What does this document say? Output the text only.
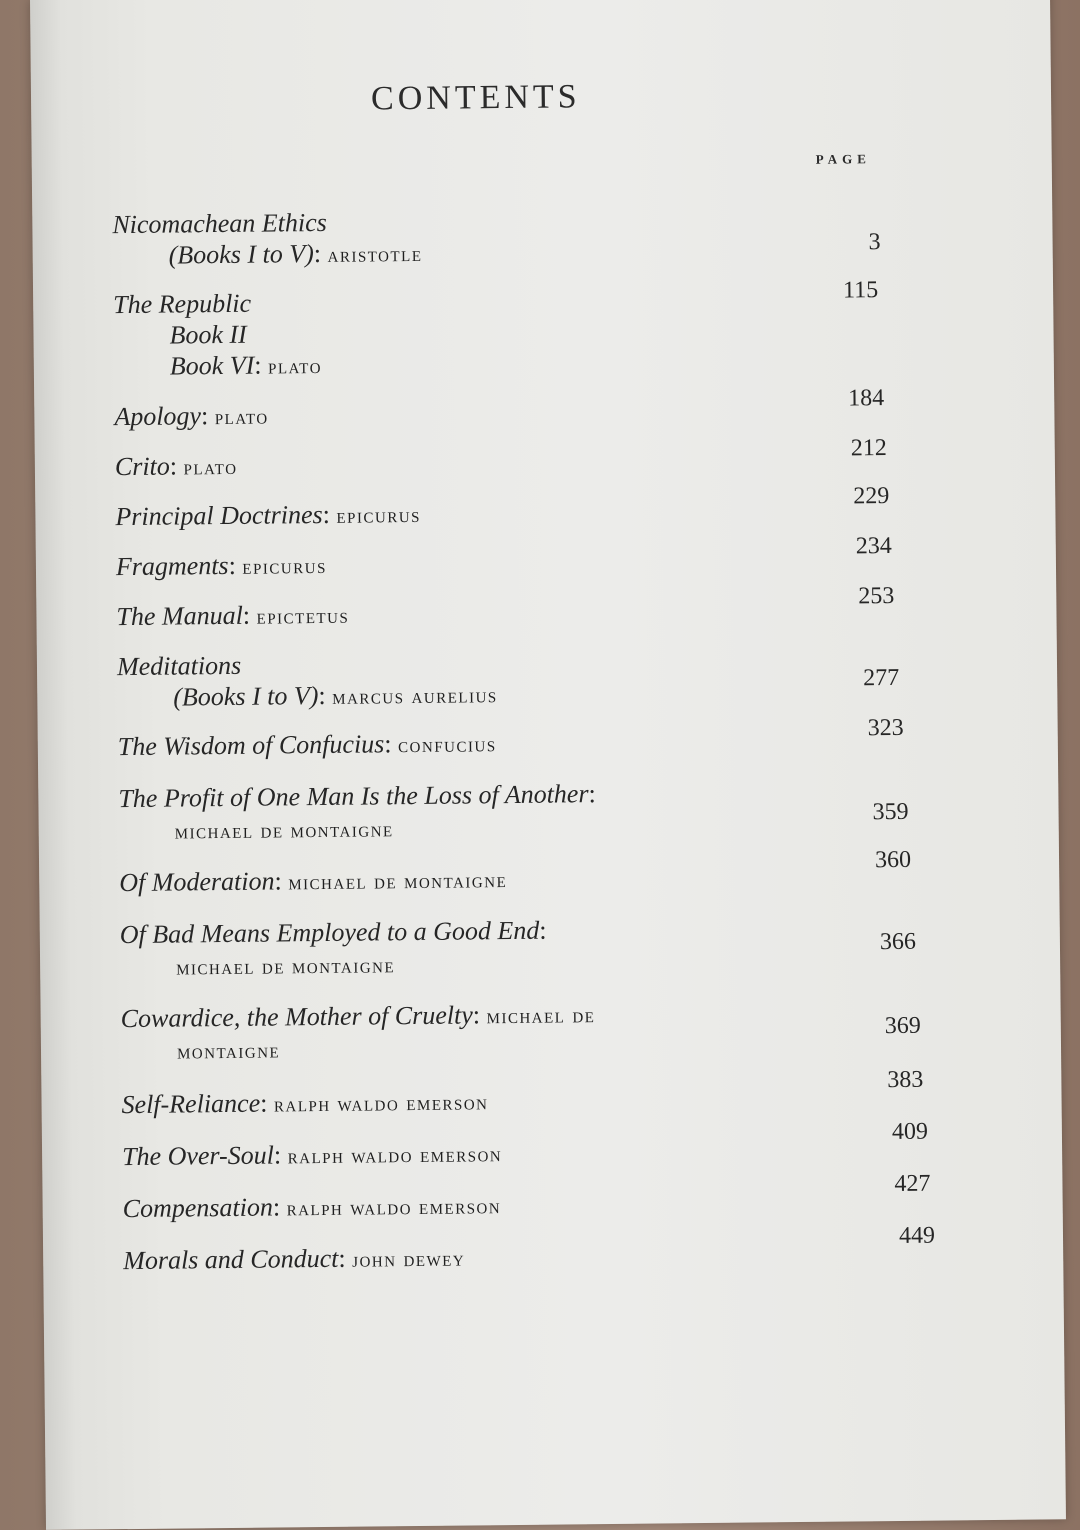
CONTENTS
PAGE
Nicomachean Ethics
(Books I to V): aristotle	3
The Republic
Book II
Book VI: plato
115
Apology: plato
184
Crito: plato
212
Principal Doctrines: epicurus
229
Fragments: epicurus
234
The Manual: epictetus
253
Meditations
(Books I to V): marcus aurelius
277
The Wisdom of Confucius: confucius
323
The Profit of One Man Is the Loss of Another:
michael de montaigne
359
Of Moderation: michael de montaigne
360
Of Bad Means Employed to a Good End:
michael de montaigne
366
Cowardice, the Mother of Cruelty: michael de
montaigne
369
Self-Reliance: ralph waldo emerson
383
The Over-Soul: ralph waldo emerson
409
Compensation: ralph waldo emerson
427
Morals and Conduct: john dewey
449
